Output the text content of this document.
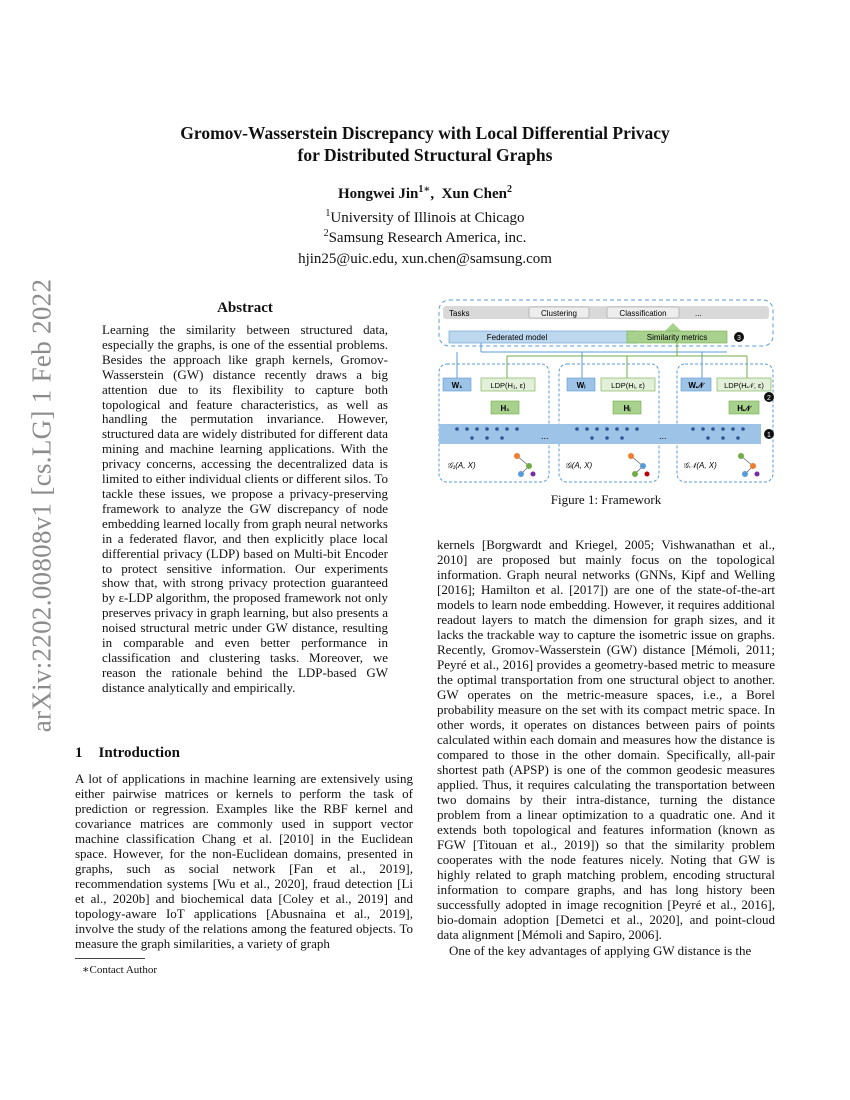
arXiv:2202.00808v1 [cs.LG] 1 Feb 2022
Gromov-Wasserstein Discrepancy with Local Differential Privacy
for Distributed Structural Graphs
Hongwei Jin$^{1∗}$,  Xun Chen$^2$
$^1$University of Illinois at Chicago
$^2$Samsung Research America, inc.
hjin25@uic.edu, xun.chen@samsung.com
Abstract
Learning the similarity between structured data, especially the graphs, is one of the essential problems. Besides the approach like graph kernels, Gromov-Wasserstein (GW) distance recently draws a big attention due to its flexibility to capture both topological and feature characteristics, as well as handling the permutation invariance. However, structured data are widely distributed for different data mining and machine learning applications. With the privacy concerns, accessing the decentralized data is limited to either individual clients or different silos. To tackle these issues, we propose a privacy-preserving framework to analyze the GW discrepancy of node embedding learned locally from graph neural networks in a federated flavor, and then explicitly place local differential privacy (LDP) based on Multi-bit Encoder to protect sensitive information. Our experiments show that, with strong privacy protection guaranteed by ε-LDP algorithm, the proposed framework not only preserves privacy in graph learning, but also presents a noised structural metric under GW distance, resulting in comparable and even better performance in classification and clustering tasks. Moreover, we reason the rationale behind the LDP-based GW distance analytically and empirically.
1 Introduction
A lot of applications in machine learning are extensively using either pairwise matrices or kernels to perform the task of prediction or regression. Examples like the RBF kernel and covariance matrices are commonly used in support vector machine classification Chang et al. [2010] in the Euclidean space. However, for the non-Euclidean domains, presented in graphs, such as social network [Fan et al., 2019], recommendation systems [Wu et al., 2020], fraud detection [Li et al., 2020b] and biochemical data [Coley et al., 2019] and topology-aware IoT applications [Abusnaina et al., 2019], involve the study of the relations among the featured objects. To measure the graph similarities, a variety of graph
∗Contact Author
Tasks	Clustering	Classification	...
Federated model	Similarity metrics	3
W₁	LDP(H₁, ε)
H₁
Wᵢ	LDP(Hᵢ, ε)
Hᵢ
W𝒩	LDP(H𝒩, ε)
H𝒩
2
...	...	1
𝒢₁(A, X)	𝒢ᵢ(A, X)	𝒢𝒩(A, X)
Figure 1: Framework

kernels [Borgwardt and Kriegel, 2005; Vishwanathan et al., 2010] are proposed but mainly focus on the topological information. Graph neural networks (GNNs, Kipf and Welling [2016]; Hamilton et al. [2017]) are one of the state-of-the-art models to learn node embedding. However, it requires additional readout layers to match the dimension for graph sizes, and it lacks the trackable way to capture the isometric issue on graphs. Recently, Gromov-Wasserstein (GW) distance [Mémoli, 2011; Peyré et al., 2016] provides a geometry-based metric to measure the optimal transportation from one structural object to another. GW operates on the metric-measure spaces, i.e., a Borel probability measure on the set with its compact metric space. In other words, it operates on distances between pairs of points calculated within each domain and measures how the distance is compared to those in the other domain. Specifically, all-pair shortest path (APSP) is one of the common geodesic measures applied. Thus, it requires calculating the transportation between two domains by their intra-distance, turning the distance problem from a linear optimization to a quadratic one. And it extends both topological and features information (known as FGW [Titouan et al., 2019]) so that the similarity problem cooperates with the node features nicely. Noting that GW is highly related to graph matching problem, encoding structural information to compare graphs, and has long history been successfully adopted in image recognition [Peyré et al., 2016], bio-domain adoption [Demetci et al., 2020], and point-cloud data alignment [Mémoli and Sapiro, 2006].

One of the key advantages of applying GW distance is the
